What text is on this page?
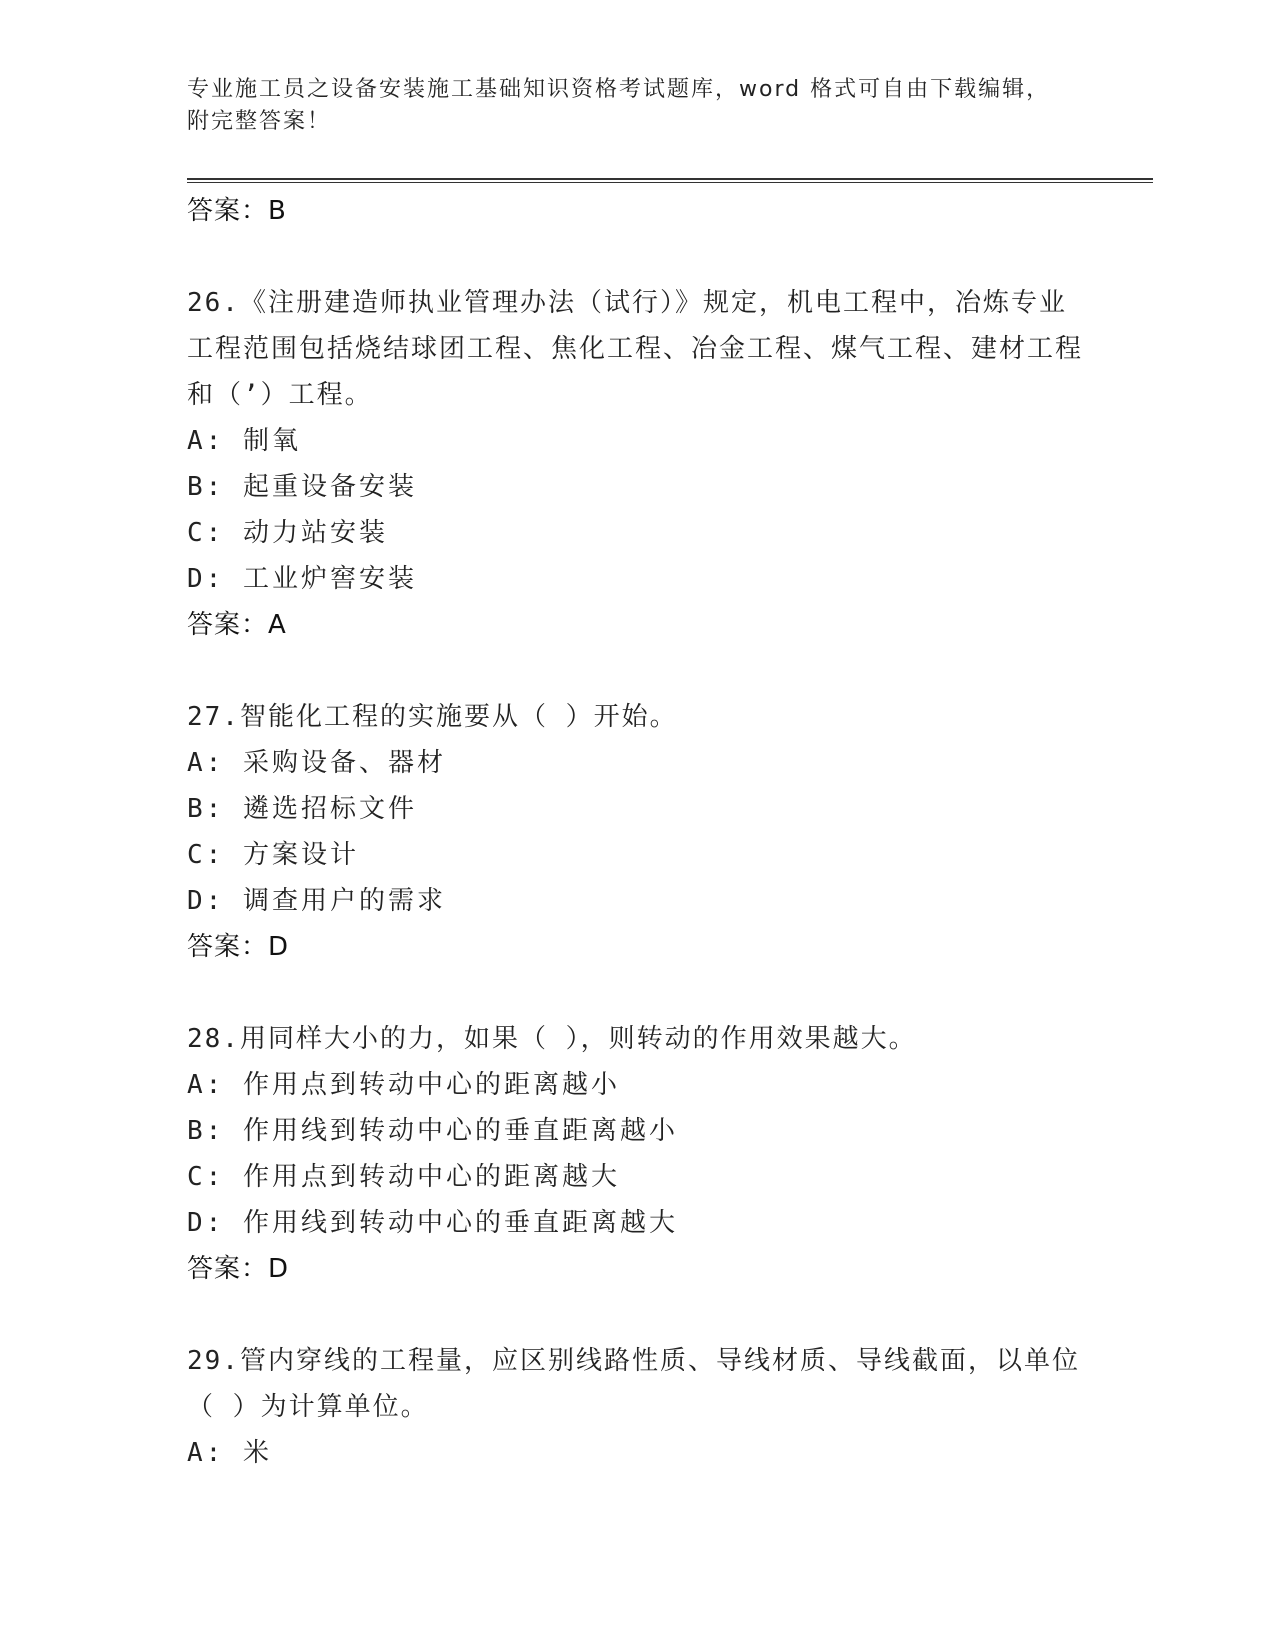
专业施工员之设备安装施工基础知识资格考试题库，word 格式可自由下载编辑，
附完整答案！
答案：B
26.《注册建造师执业管理办法（试行）》规定，机电工程中，冶炼专业工程范围包括烧结球团工程、焦化工程、冶金工程、煤气工程、建材工程和（’）工程。
A: 制氧
B: 起重设备安装
C: 动力站安装
D: 工业炉窖安装
答案：A
27.智能化工程的实施要从（ ）开始。
A: 采购设备、器材
B: 遴选招标文件
C: 方案设计
D: 调查用户的需求
答案：D
28.用同样大小的力，如果（ ），则转动的作用效果越大。
A: 作用点到转动中心的距离越小
B: 作用线到转动中心的垂直距离越小
C: 作用点到转动中心的距离越大
D: 作用线到转动中心的垂直距离越大
答案：D
29.管内穿线的工程量，应区别线路性质、导线材质、导线截面，以单位（ ）为计算单位。
A: 米
